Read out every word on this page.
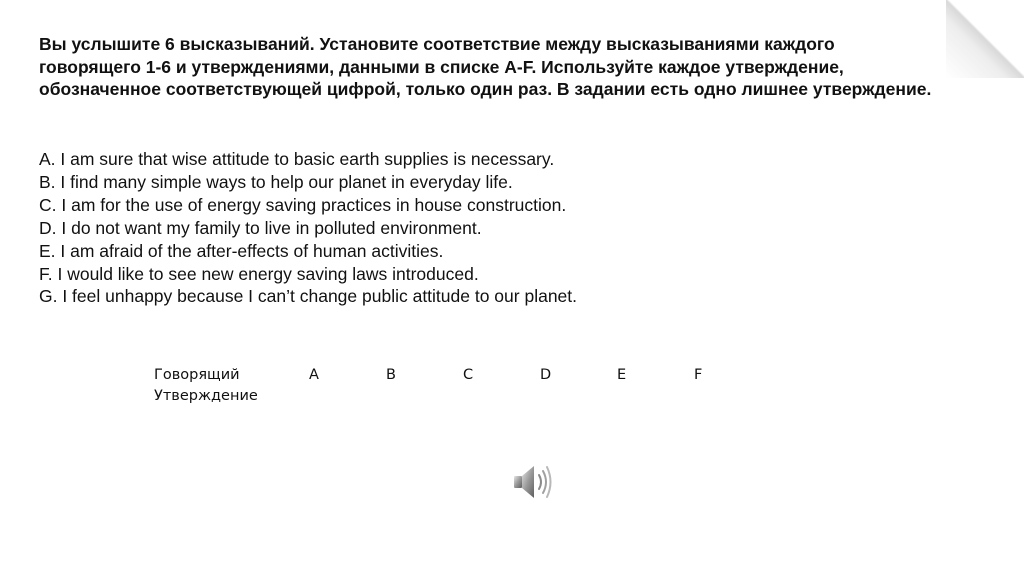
Вы услышите 6 высказываний. Установите соответствие между высказываниями каждого говорящего 1-6 и утверждениями, данными в списке A-F. Используйте каждое утверждение, обозначенное соответствующей цифрой, только один раз. В задании есть одно лишнее утверждение.

A. I am sure that wise attitude to basic earth supplies is necessary.
B. I find many simple ways to help our planet in everyday life.
C. I am for the use of energy saving practices in house construction.
D. I do not want my family to live in polluted environment.
E. I am afraid of the after-effects of human activities.
F. I would like to see new energy saving laws introduced.
G. I feel unhappy because I can’t change public attitude to our planet.
Говорящий	A	B	C	D	E	F
Утверждение						
